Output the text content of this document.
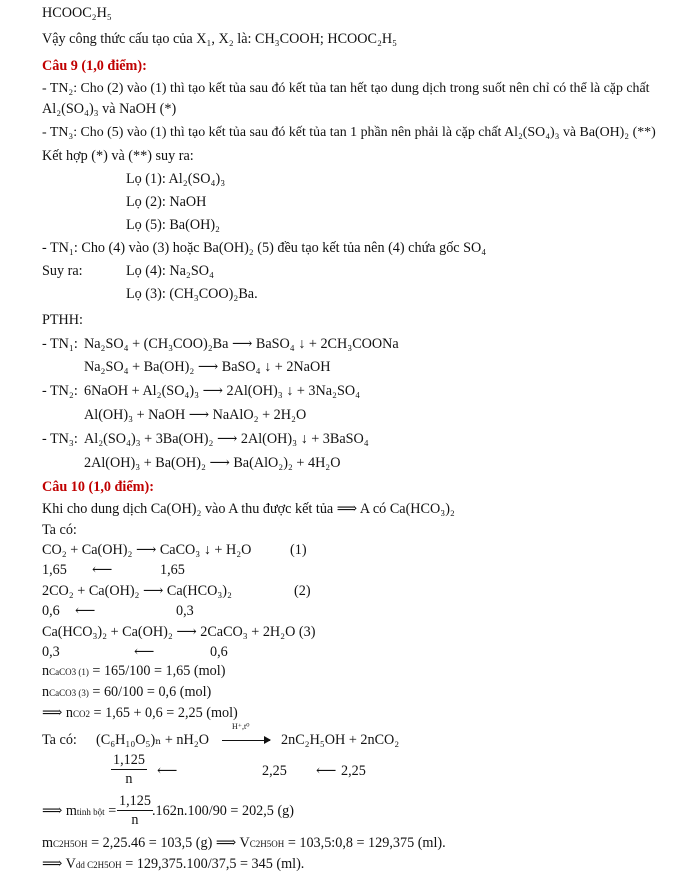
HCOOC₂H₅
Vậy công thức cấu tạo của X₁, X₂ là: CH₃COOH; HCOOC₂H₅
Câu 9 (1,0 điểm):
- TN₂: Cho (2) vào (1) thì tạo kết tủa sau đó kết tủa tan hết tạo dung dịch trong suốt nên chỉ có thể là cặp chất
Al₂(SO₄)₃ và NaOH (*)
- TN₃: Cho (5) vào (1) thì tạo kết tủa sau đó kết tủa tan 1 phần nên phải là cặp chất Al₂(SO₄)₃ và Ba(OH)₂ (**)
Kết hợp (*) và (**) suy ra:
Lọ (1): Al₂(SO₄)₃
Lọ (2): NaOH
Lọ (5): Ba(OH)₂
- TN₁: Cho (4) vào (3) hoặc Ba(OH)₂ (5) đều tạo kết tủa nên (4) chứa gốc SO₄
Suy ra:	Lọ (4): Na₂SO₄
Lọ (3): (CH₃COO)₂Ba.
PTHH:
- TN₁: Na₂SO₄ + (CH₃COO)₂Ba ⟶ BaSO₄ ↓ + 2CH₃COONa
Na₂SO₄ + Ba(OH)₂ ⟶ BaSO₄ ↓ + 2NaOH
- TN₂: 6NaOH + Al₂(SO₄)₃ ⟶ 2Al(OH)₃ ↓ + 3Na₂SO₄
Al(OH)₃ + NaOH ⟶ NaAlO₂ + 2H₂O
- TN₃: Al₂(SO₄)₃ + 3Ba(OH)₂ ⟶ 2Al(OH)₃ ↓ + 3BaSO₄
2Al(OH)₃ + Ba(OH)₂ ⟶ Ba(AlO₂)₂ + 4H₂O
Câu 10 (1,0 điểm):
Khi cho dung dịch Ca(OH)₂ vào A thu được kết tủa ⟹ A có Ca(HCO₃)₂
Ta có:
CO₂ + Ca(OH)₂ ⟶ CaCO₃ ↓ + H₂O	(1)
1,65 ⟵	1,65
2CO₂ + Ca(OH)₂ ⟶ Ca(HCO₃)₂	(2)
0,6 ⟵	0,3
Ca(HCO₃)₂ + Ca(OH)₂ ⟶ 2CaCO₃ + 2H₂O (3)
0,3	⟵	0,6
nCaCO3 (1) = 165/100 = 1,65 (mol)
nCaCO3 (3) = 60/100 = 0,6 (mol)
⟹ nCO2 = 1,65 + 0,6 = 2,25 (mol)
Ta có: (C₆H₁₀O₅)ₙ + nH₂O
H⁺,t⁰
2nC₂H₅OH + 2nCO₂
$\frac{1,125}{n}$ ⟵	2,25 ⟵ 2,25
⟹ mtinh bột = $\frac{1,125}{n} .162n.100/90 = 202,5$ (g)
mC2H5OH = 2,25.46 = 103,5 (g) ⟹ VC2H5OH = 103,5:0,8 = 129,375 (ml).
⟹ Vdd C2H5OH = 129,375.100/37,5 = 345 (ml).
